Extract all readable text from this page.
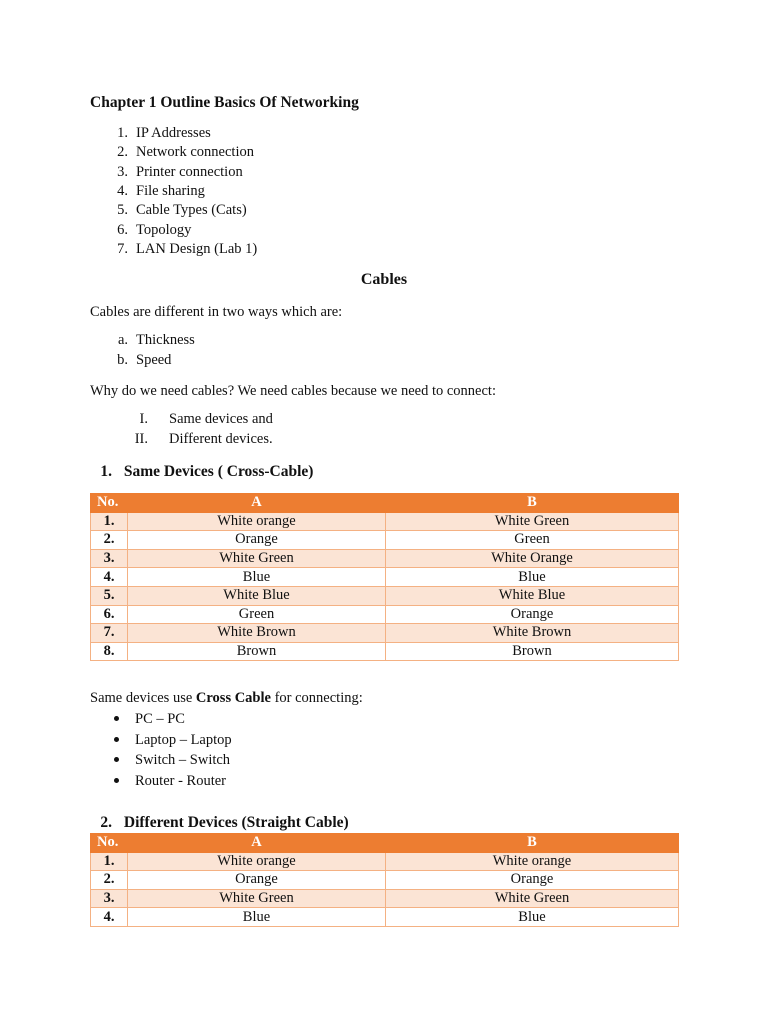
Chapter 1 Outline Basics Of Networking
1. IP Addresses
2. Network connection
3. Printer connection
4. File sharing
5. Cable Types (Cats)
6. Topology
7. LAN Design (Lab 1)
Cables
Cables are different in two ways which are:
a. Thickness
b. Speed
Why do we need cables? We need cables because we need to connect:
I. Same devices and
II. Different devices.
1. Same Devices ( Cross-Cable)
No.	A	B
1.	White orange	White Green
2.	Orange	Green
3.	White Green	White Orange
4.	Blue	Blue
5.	White Blue	White Blue
6.	Green	Orange
7.	White Brown	White Brown
8.	Brown	Brown
Same devices use Cross Cable for connecting:
PC – PC
Laptop – Laptop
Switch – Switch
Router - Router
2. Different Devices (Straight Cable)
No.	A	B
1.	White orange	White orange
2.	Orange	Orange
3.	White Green	White Green
4.	Blue	Blue
